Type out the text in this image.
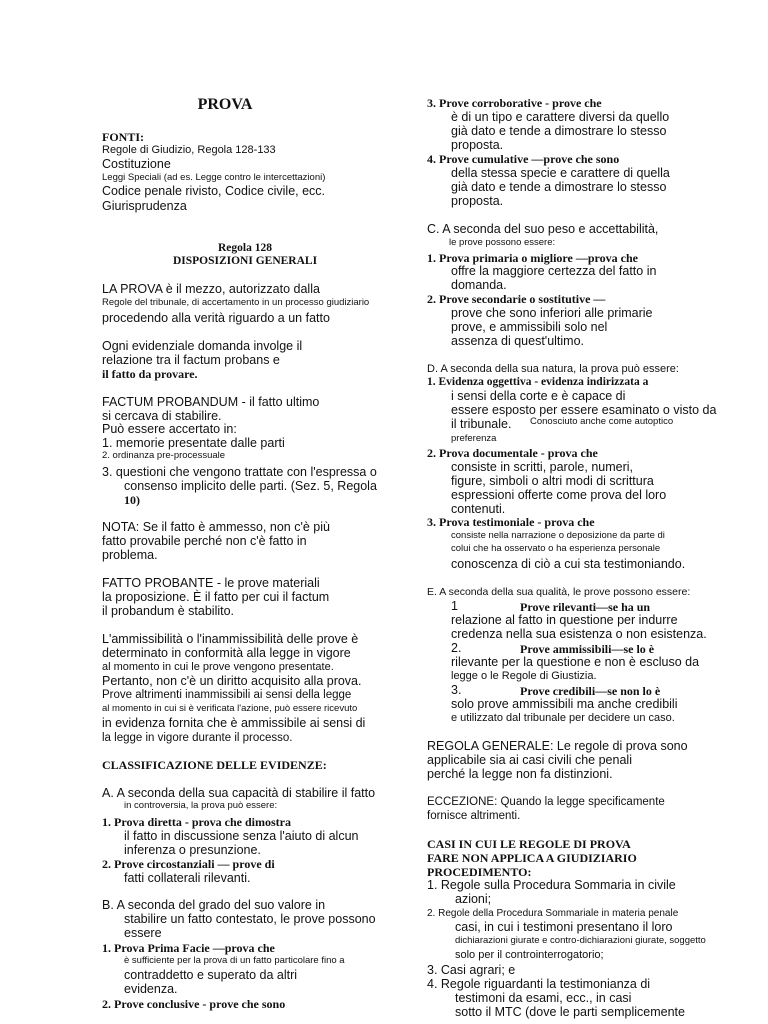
PROVA
FONTI:
Regole di Giudizio, Regola 128-133
Costituzione
Leggi Speciali (ad es. Legge contro le intercettazioni)
Codice penale rivisto, Codice civile, ecc.
Giurisprudenza
Regola 128
DISPOSIZIONI GENERALI
LA PROVA è il mezzo, autorizzato dalla
Regole del tribunale, di accertamento in un processo giudiziario
procedendo alla verità riguardo a un fatto
Ogni evidenziale domanda involge il
relazione tra il factum probans e
il fatto da provare.
FACTUM PROBANDUM - il fatto ultimo
si cercava di stabilire.
Può essere accertato in:
1. memorie presentate dalle parti
2. ordinanza pre-processuale
3. questioni che vengono trattate con l'espressa o
consenso implicito delle parti. (Sez. 5, Regola
10)
NOTA: Se il fatto è ammesso, non c'è più
fatto provabile perché non c'è fatto in
problema.
FATTO PROBANTE - le prove materiali
la proposizione. È il fatto per cui il factum
il probandum è stabilito.
L'ammissibilità o l'inammissibilità delle prove è
determinato in conformità alla legge in vigore
al momento in cui le prove vengono presentate.
Pertanto, non c'è un diritto acquisito alla prova.
Prove altrimenti inammissibili ai sensi della legge
al momento in cui si è verificata l'azione, può essere ricevuto
in evidenza fornita che è ammissibile ai sensi di
la legge in vigore durante il processo.
CLASSIFICAZIONE DELLE EVIDENZE:
A. A seconda della sua capacità di stabilire il fatto
in controversia, la prova può essere:
1. Prova diretta - prova che dimostra
il fatto in discussione senza l'aiuto di alcun
inferenza o presunzione.
2. Prove circostanziali — prove di
fatti collaterali rilevanti.
B. A seconda del grado del suo valore in
stabilire un fatto contestato, le prove possono
essere
1. Prova Prima Facie —prova che
è sufficiente per la prova di un fatto particolare fino a
contraddetto e superato da altri
evidenza.
2. Prove conclusive - prove che sono
3. Prove corroborative - prove che
è di un tipo e carattere diversi da quello
già dato e tende a dimostrare lo stesso
proposta.
4. Prove cumulative —prove che sono
della stessa specie e carattere di quella
già dato e tende a dimostrare lo stesso
proposta.
C. A seconda del suo peso e accettabilità,
le prove possono essere:
1. Prova primaria o migliore —prova che
offre la maggiore certezza del fatto in
domanda.
2. Prove secondarie o sostitutive —
prove che sono inferiori alle primarie
prove, e ammissibili solo nel
assenza di quest'ultimo.
D. A seconda della sua natura, la prova può essere:
1. Evidenza oggettiva - evidenza indirizzata a
i sensi della corte e è capace di
essere esposto per essere esaminato o visto da
il tribunale. Conosciuto anche come autoptico
preferenza
2. Prova documentale - prova che
consiste in scritti, parole, numeri,
figure, simboli o altri modi di scrittura
espressioni offerte come prova del loro
contenuti.
3. Prova testimoniale - prova che
consiste nella narrazione o deposizione da parte di
colui che ha osservato o ha esperienza personale
conoscenza di ciò a cui sta testimoniando.
E. A seconda della sua qualità, le prove possono essere:
1	Prove rilevanti—se ha un
relazione al fatto in questione per indurre
credenza nella sua esistenza o non esistenza.
2.	Prove ammissibili—se lo è
rilevante per la questione e non è escluso da
legge o le Regole di Giustizia.
3.	Prove credibili—se non lo è
solo prove ammissibili ma anche credibili
e utilizzato dal tribunale per decidere un caso.
REGOLA GENERALE: Le regole di prova sono
applicabile sia ai casi civili che penali
perché la legge non fa distinzioni.
ECCEZIONE: Quando la legge specificamente
fornisce altrimenti.
CASI IN CUI LE REGOLE DI PROVA
FARE NON APPLICA A GIUDIZIARIO
PROCEDIMENTO:
1. Regole sulla Procedura Sommaria in civile
azioni;
2. Regole della Procedura Sommariale in materia penale
casi, in cui i testimoni presentano il loro
dichiarazioni giurate e contro-dichiarazioni giurate, soggetto
solo per il controinterrogatorio;
3. Casi agrari; e
4. Regole riguardanti la testimonianza di
testimoni da esami, ecc., in casi
sotto il MTC (dove le parti semplicemente
